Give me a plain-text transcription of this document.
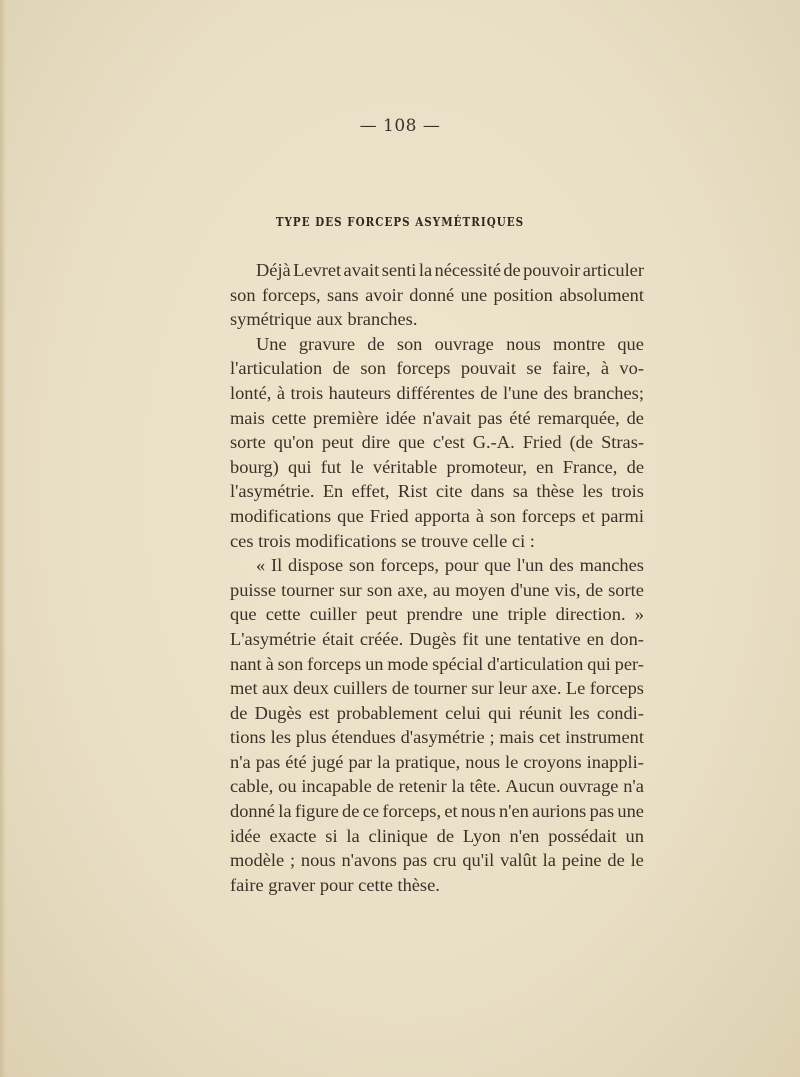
— 108 —
TYPE DES FORCEPS ASYMÉTRIQUES
Déjà Levret avait senti la nécessité de pouvoir articuler
son forceps, sans avoir donné une position absolument
symétrique aux branches.
Une gravure de son ouvrage nous montre que
l'articulation de son forceps pouvait se faire, à vo-
lonté, à trois hauteurs différentes de l'une des branches;
mais cette première idée n'avait pas été remarquée, de
sorte qu'on peut dire que c'est G.-A. Fried (de Stras-
bourg) qui fut le véritable promoteur, en France, de
l'asymétrie. En effet, Rist cite dans sa thèse les trois
modifications que Fried apporta à son forceps et parmi
ces trois modifications se trouve celle ci :
« Il dispose son forceps, pour que l'un des manches
puisse tourner sur son axe, au moyen d'une vis, de sorte
que cette cuiller peut prendre une triple direction. »
L'asymétrie était créée. Dugès fit une tentative en don-
nant à son forceps un mode spécial d'articulation qui per-
met aux deux cuillers de tourner sur leur axe. Le forceps
de Dugès est probablement celui qui réunit les condi-
tions les plus étendues d'asymétrie ; mais cet instrument
n'a pas été jugé par la pratique, nous le croyons inappli-
cable, ou incapable de retenir la tête. Aucun ouvrage n'a
donné la figure de ce forceps, et nous n'en aurions pas une
idée exacte si la clinique de Lyon n'en possédait un
modèle ; nous n'avons pas cru qu'il valût la peine de le
faire graver pour cette thèse.
